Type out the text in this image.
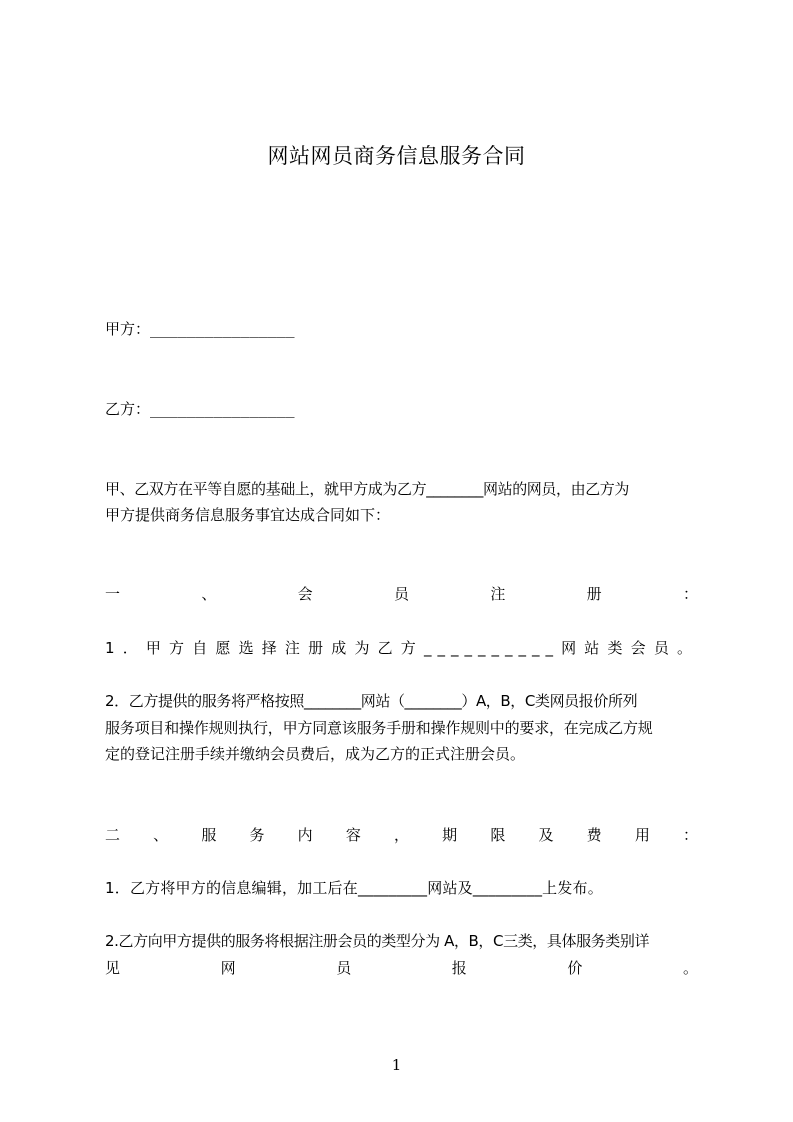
网站网员商务信息服务合同
甲方：________________
乙方：________________
甲、乙双方在平等自愿的基础上，就甲方成为乙方________网站的网员，由乙方为
甲方提供商务信息服务事宜达成合同如下：
一、会员注册：
1．甲方自愿选择注册成为乙方__________网站类会员。
2．乙方提供的服务将严格按照________网站（________）A，B，C类网员报价所列
服务项目和操作规则执行，甲方同意该服务手册和操作规则中的要求，在完成乙方规
定的登记注册手续并缴纳会员费后，成为乙方的正式注册会员。
二、服务内容，期限及费用：
1．乙方将甲方的信息编辑，加工后在_________网站及_________上发布。
2.乙方向甲方提供的服务将根据注册会员的类型分为 A，B，C三类，具体服务类别详
见网员报价。
1
